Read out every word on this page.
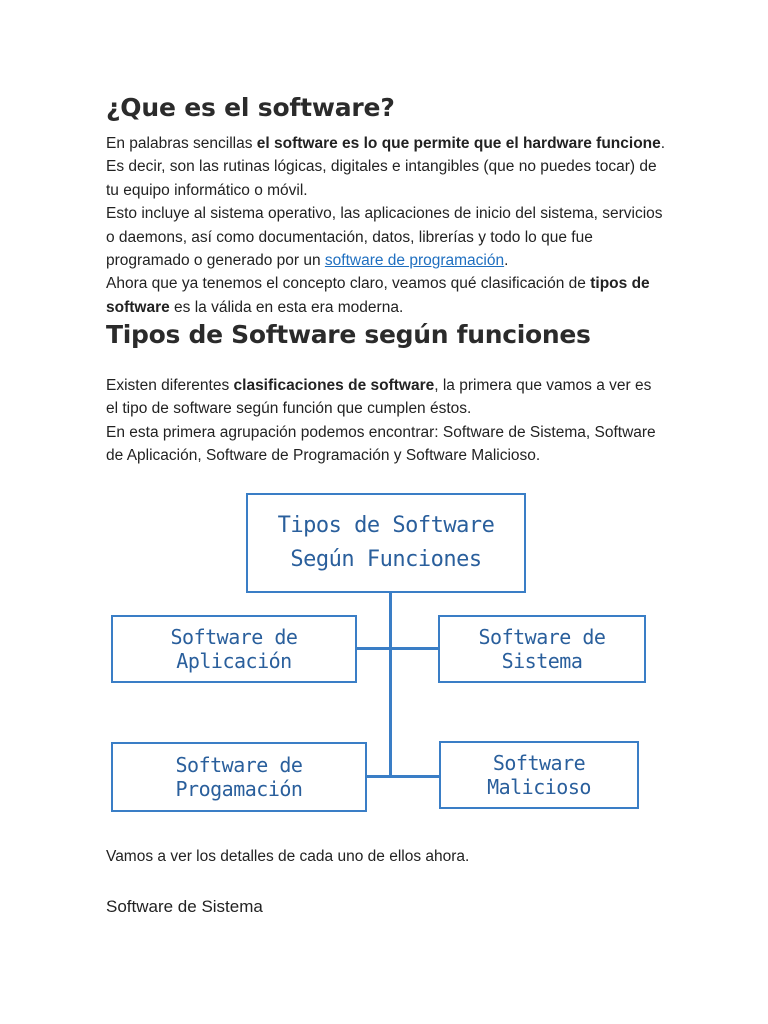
¿Que es el software?

En palabras sencillas el software es lo que permite que el hardware funcione. Es decir, son las rutinas lógicas, digitales e intangibles (que no puedes tocar) de tu equipo informático o móvil.
Esto incluye al sistema operativo, las aplicaciones de inicio del sistema, servicios o daemons, así como documentación, datos, librerías y todo lo que fue programado o generado por un software de programación.
Ahora que ya tenemos el concepto claro, veamos qué clasificación de tipos de software es la válida en esta era moderna.

Tipos de Software según funciones

Existen diferentes clasificaciones de software, la primera que vamos a ver es el tipo de software según función que cumplen éstos.
En esta primera agrupación podemos encontrar: Software de Sistema, Software de Aplicación, Software de Programación y Software Malicioso.

Vamos a ver los detalles de cada uno de ellos ahora.

Software de Sistema
Tipos de Software
Según Funciones
Software de Aplicación
Software de Sistema
Software de Progamación
Software Malicioso
